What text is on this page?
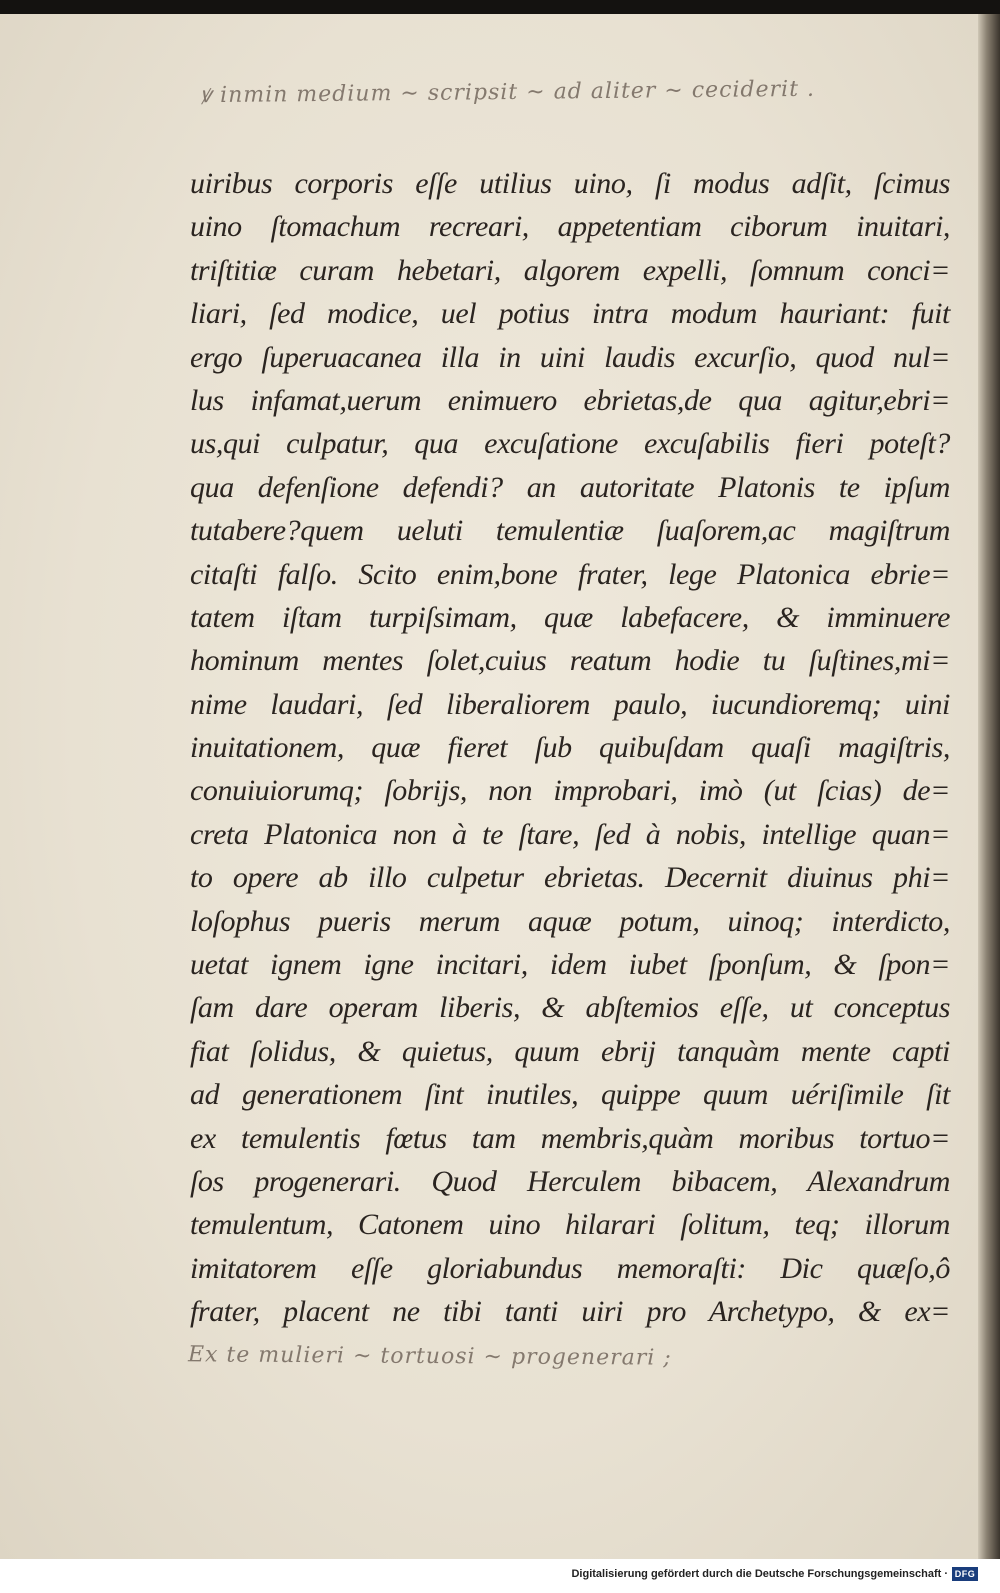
ꝟ inmin medium ∼ scripsit ∼ ad aliter ∼ ceciderit .
uiribus corporis eſſe utilius uino, ſi modus adſit, ſcimus
uino ſtomachum recreari, appetentiam ciborum inuitari,
triſtitiæ curam hebetari, algorem expelli, ſomnum conci=
liari, ſed modice, uel potius intra modum hauriant: fuit
ergo ſuperuacanea illa in uini laudis excurſio, quod nul=
lus infamat,uerum enimuero ebrietas,de qua agitur,ebri=
us,qui culpatur, qua excuſatione excuſabilis fieri poteſt?
qua defenſione defendi? an autoritate Platonis te ipſum
tutabere?quem ueluti temulentiæ ſuaſorem,ac magiſtrum
citaſti falſo. Scito enim,bone frater, lege Platonica ebrie=
tatem iſtam turpiſsimam, quæ labefacere, & imminuere
hominum mentes ſolet,cuius reatum hodie tu ſuſtines,mi=
nime laudari, ſed liberaliorem paulo, iucundioremq; uini
inuitationem, quæ fieret ſub quibuſdam quaſi magiſtris,
conuiuiorumq; ſobrijs, non improbari, imò (ut ſcias) de=
creta Platonica non à te ſtare, ſed à nobis, intellige quan=
to opere ab illo culpetur ebrietas. Decernit diuinus phi=
loſophus pueris merum aquæ potum, uinoq; interdicto,
uetat ignem igne incitari, idem iubet ſponſum, & ſpon=
ſam dare operam liberis, & abſtemios eſſe, ut conceptus
fiat ſolidus, & quietus, quum ebrij tanquàm mente capti
ad generationem ſint inutiles, quippe quum uériſimile ſit
ex temulentis fœtus tam membris,quàm moribus tortuo=
ſos progenerari. Quod Herculem bibacem, Alexandrum
temulentum, Catonem uino hilarari ſolitum, teq; illorum
imitatorem eſſe gloriabundus memoraſti: Dic quæſo,ô
frater, placent ne tibi tanti uiri pro Archetypo, & ex=
Ex te mulieri ∼ tortuosi ∼ progenerari ;
Digitalisierung gefördert durch die Deutsche Forschungsgemeinschaft · DFG
